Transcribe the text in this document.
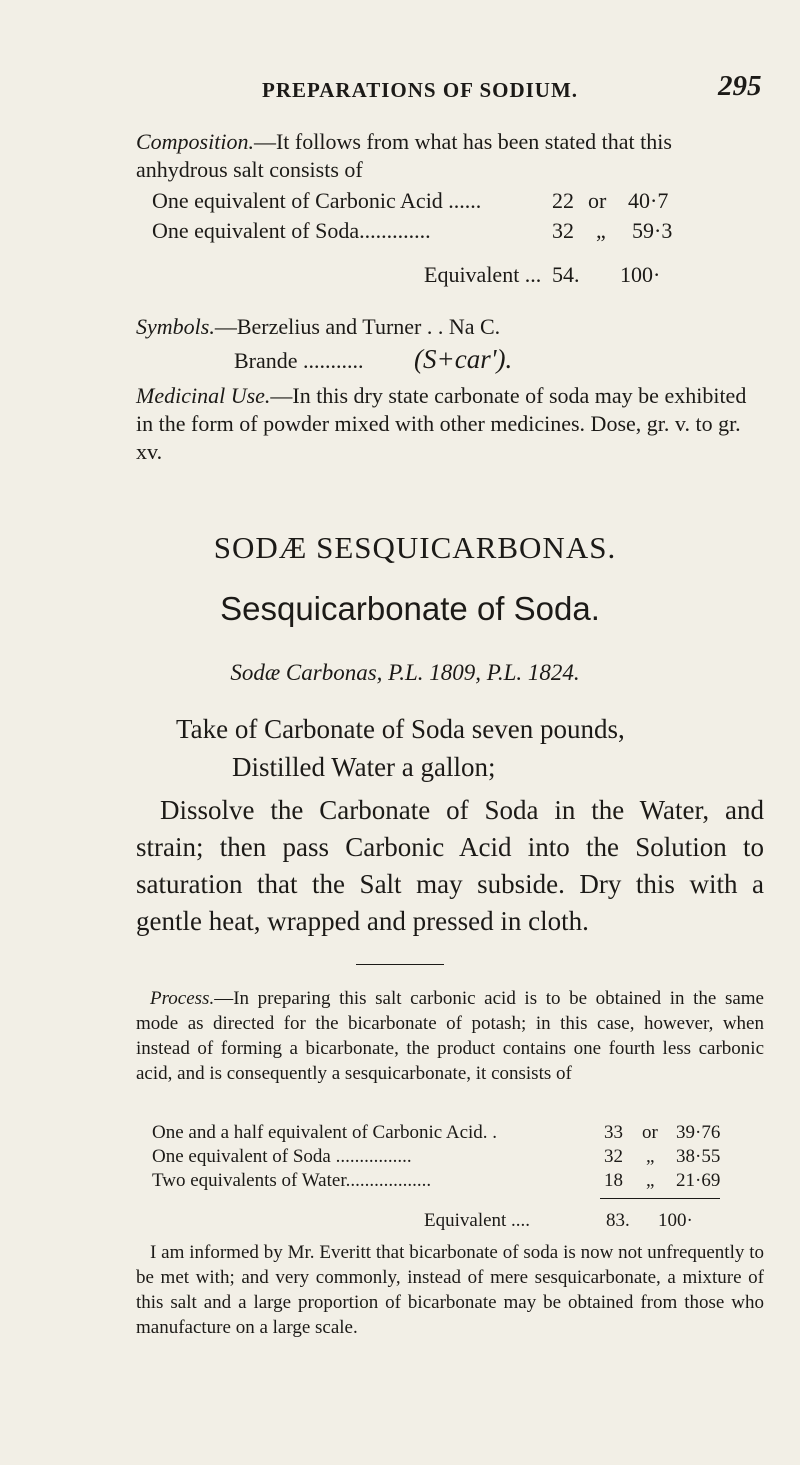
PREPARATIONS OF SODIUM.	295
Composition.—It follows from what has been stated that this anhydrous salt consists of
One equivalent of Carbonic Acid ......	22 or 40·7
One equivalent of Soda.............	32 „ 59·3
Equivalent ... 54. 100·
Symbols.—Berzelius and Turner . . Na C.
Brande ........... (S+car').
Medicinal Use.—In this dry state carbonate of soda may be exhibited in the form of powder mixed with other medicines. Dose, gr. v. to gr. xv.
SODÆ SESQUICARBONAS.
Sesquicarbonate of Soda.
Sodæ Carbonas, P.L. 1809, P.L. 1824.
Take of Carbonate of Soda seven pounds,
Distilled Water a gallon;
Dissolve the Carbonate of Soda in the Water, and strain; then pass Carbonic Acid into the Solution to saturation that the Salt may subside. Dry this with a gentle heat, wrapped and pressed in cloth.
Process.—In preparing this salt carbonic acid is to be obtained in the same mode as directed for the bicarbonate of potash; in this case, however, when instead of forming a bicarbonate, the product contains one fourth less carbonic acid, and is consequently a sesquicarbonate, it consists of
One and a half equivalent of Carbonic Acid. .	33 or 39·76
One equivalent of Soda ................	32 „ 38·55
Two equivalents of Water..................	18 „ 21·69
Equivalent ....	83. 100·
I am informed by Mr. Everitt that bicarbonate of soda is now not unfrequently to be met with; and very commonly, instead of mere sesquicarbonate, a mixture of this salt and a large proportion of bicarbonate may be obtained from those who manufacture on a large scale.
